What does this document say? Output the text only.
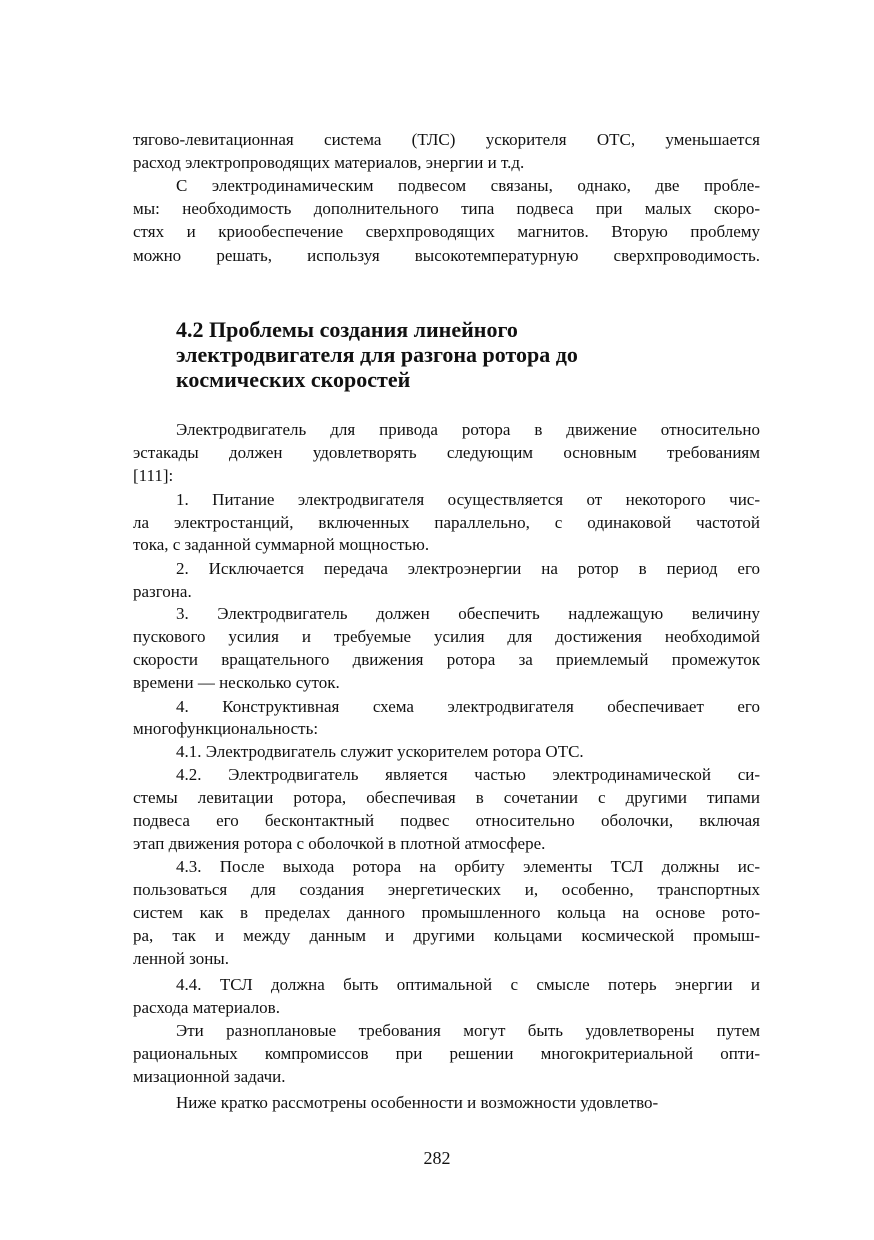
4.2 Проблемы создания линейного
электродвигателя для разгона ротора до
космических скоростей
тягово-левитационная система (ТЛС) ускорителя ОТС, уменьшается
расход электропроводящих материалов, энергии и т.д.
С электродинамическим подвесом связаны, однако, две пробле-
мы: необходимость дополнительного типа подвеса при малых скоро-
стях и криообеспечение сверхпроводящих магнитов. Вторую проблему
можно решать, используя высокотемпературную сверхпроводимость.
Электродвигатель для привода ротора в движение относительно
эстакады должен удовлетворять следующим основным требованиям
[111]:
1. Питание электродвигателя осуществляется от некоторого чис-
ла электростанций, включенных параллельно, с одинаковой частотой
тока, с заданной суммарной мощностью.
2. Исключается передача электроэнергии на ротор в период его
разгона.
3. Электродвигатель должен обеспечить надлежащую величину
пускового усилия и требуемые усилия для достижения необходимой
скорости вращательного движения ротора за приемлемый промежуток
времени — несколько суток.
4. Конструктивная схема электродвигателя обеспечивает его
многофункциональность:
4.1. Электродвигатель служит ускорителем ротора ОТС.
4.2. Электродвигатель является частью электродинамической си-
стемы левитации ротора, обеспечивая в сочетании с другими типами
подвеса его бесконтактный подвес относительно оболочки, включая
этап движения ротора с оболочкой в плотной атмосфере.
4.3. После выхода ротора на орбиту элементы ТСЛ должны ис-
пользоваться для создания энергетических и, особенно, транспортных
систем как в пределах данного промышленного кольца на основе рото-
ра, так и между данным и другими кольцами космической промыш-
ленной зоны.
4.4. ТСЛ должна быть оптимальной с смысле потерь энергии и
расхода материалов.
Эти разноплановые требования могут быть удовлетворены путем
рациональных компромиссов при решении многокритериальной опти-
мизационной задачи.
Ниже кратко рассмотрены особенности и возможности удовлетво-
282
